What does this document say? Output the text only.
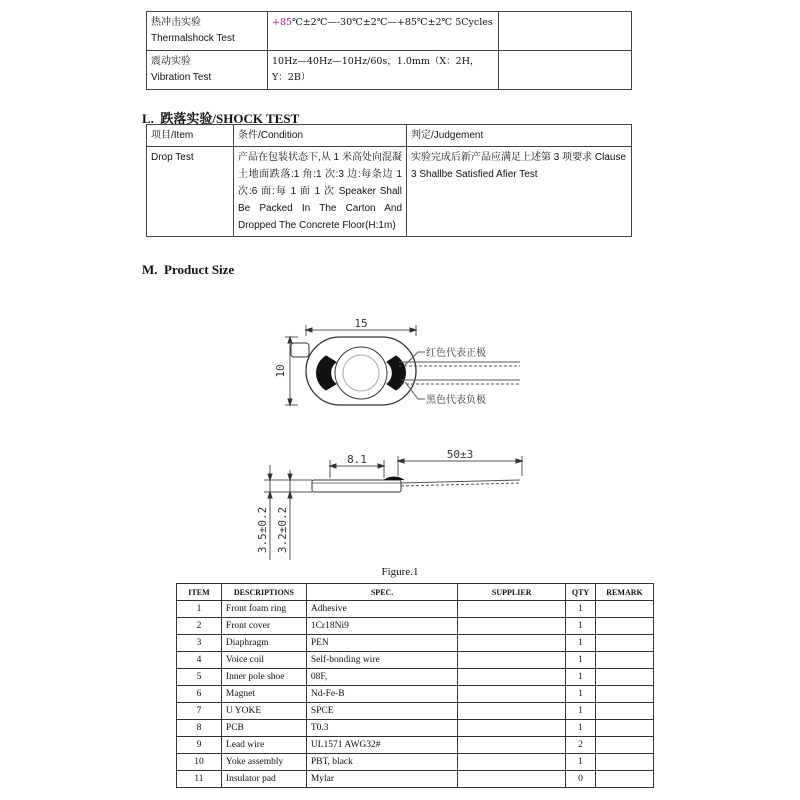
热冲击实验
Thermalshock Test	+85℃±2℃—-30℃±2℃—+85℃±2℃ 5Cycles	

震动实验
Vibration Test	10Hz—40Hz—10Hz/60s，1.0mm（X：2H，Y：2B）	
L. 跌落实验/SHOCK TEST
项目/Item	条件/Condition	判定/Judgement
Drop Test	产品在包装状态下,从 1 米高处向混凝土地面跌落:1 角:1 次:3 边:每条边 1 次:6 面:每 1 面 1 次 Speaker Shall Be Packed In The Carton And Dropped The Concrete Floor(H:1m)	实验完成后新产品应满足上述第 3 项要求 Clause 3 Shallbe Satisfied Afier Test
M. Product Size
15
10
8.1	50±3
3.5±0.2 3.2±0.2
红色代表正极
黑色代表负极
Figure.1
ITEM	DESCRIPTIONS	SPEC.	SUPPLIER	QTY	REMARK
1	Front foam ring	Adhesive		1	
2	Front cover	1Cr18Ni9		1	
3	Diaphragm	PEN		1	
4	Voice coil	Self-bonding wire		1	
5	Inner pole shoe	08F,		1	
6	Magnet	Nd-Fe-B		1	
7	U YOKE	SPCE		1	
8	PCB	T0.3		1	
9	Lead wire	UL1571 AWG32#		2	
10	Yoke assembly	PBT, black		1	
11	Insulator pad	Mylar		0	
